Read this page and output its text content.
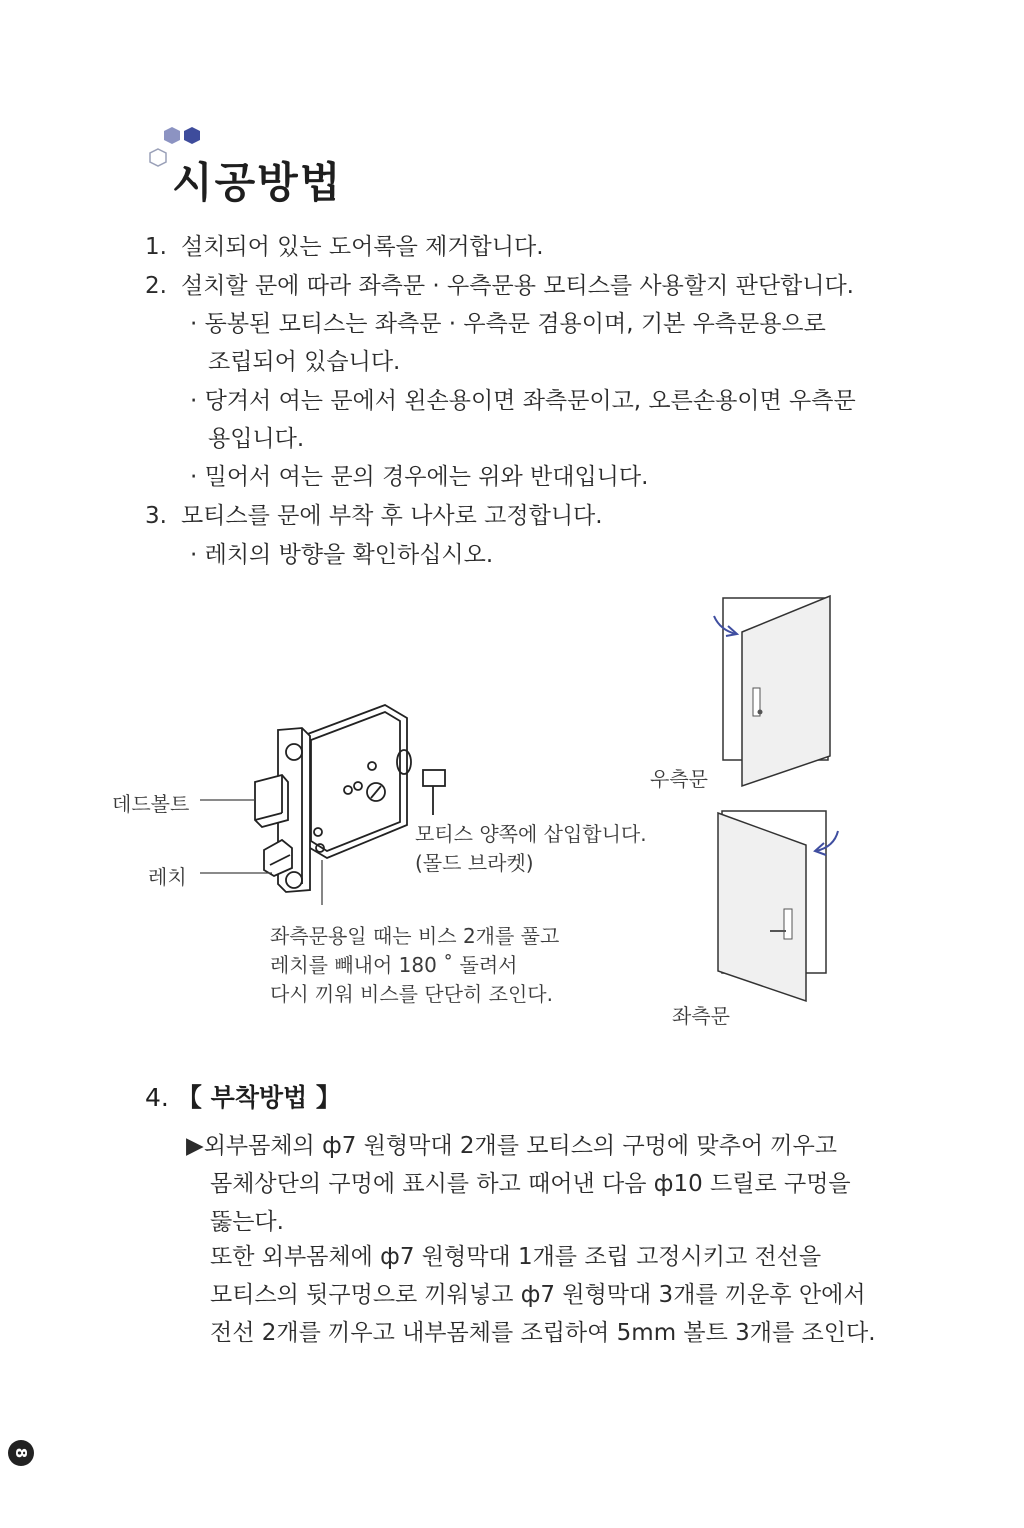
시공방법
1. 설치되어 있는 도어록을 제거합니다.
2. 설치할 문에 따라 좌측문 · 우측문용 모티스를 사용할지 판단합니다.
· 동봉된 모티스는 좌측문 · 우측문 겸용이며, 기본 우측문용으로
조립되어 있습니다.
· 당겨서 여는 문에서 왼손용이면 좌측문이고, 오른손용이면 우측문
용입니다.
· 밀어서 여는 문의 경우에는 위와 반대입니다.
3. 모티스를 문에 부착 후 나사로 고정합니다.
· 레치의 방향을 확인하십시오.
데드볼트
레치
모티스 양쪽에 삽입합니다.
(몰드 브라켓)
좌측문용일 때는 비스 2개를 풀고
레치를 빼내어 180 ˚ 돌려서
다시 끼워 비스를 단단히 조인다.
우측문
좌측문
4. 【 부착방법 】
▶외부몸체의 ф7 원형막대 2개를 모티스의 구멍에 맞추어 끼우고
몸체상단의 구멍에 표시를 하고 때어낸 다음 ф10 드릴로 구멍을
뚫는다.
또한 외부몸체에 ф7 원형막대 1개를 조립 고정시키고 전선을
모티스의 뒷구멍으로 끼워넣고 ф7 원형막대 3개를 끼운후 안에서
전선 2개를 끼우고 내부몸체를 조립하여 5mm 볼트 3개를 조인다.
8
